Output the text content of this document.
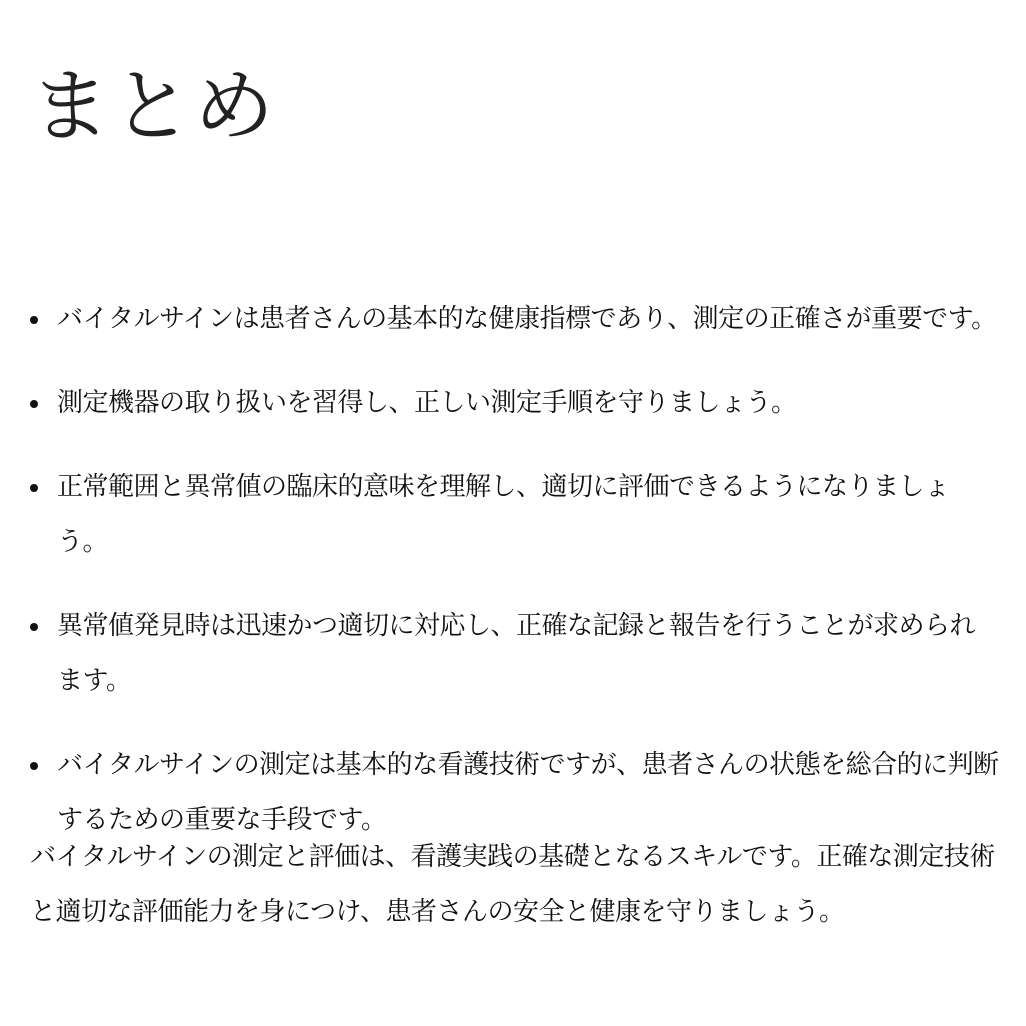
まとめ
バイタルサインは患者さんの基本的な健康指標であり、測定の正確さが重要です。
測定機器の取り扱いを習得し、正しい測定手順を守りましょう。
正常範囲と異常値の臨床的意味を理解し、適切に評価できるようになりましょう。
異常値発見時は迅速かつ適切に対応し、正確な記録と報告を行うことが求められます。
バイタルサインの測定は基本的な看護技術ですが、患者さんの状態を総合的に判断するための重要な手段です。

バイタルサインの測定と評価は、看護実践の基礎となるスキルです。正確な測定技術と適切な評価能力を身につけ、患者さんの安全と健康を守りましょう。
